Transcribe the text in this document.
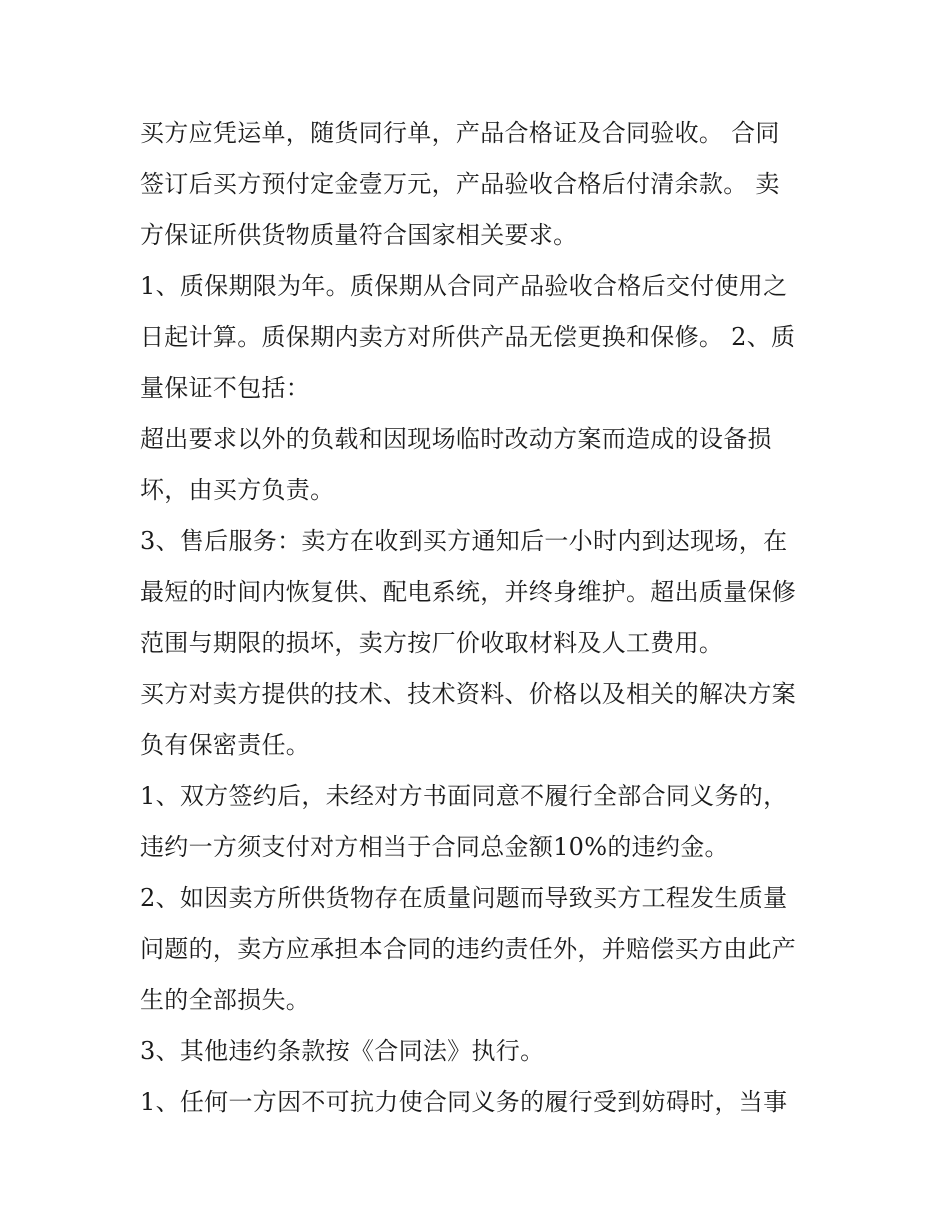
买方应凭运单，随货同行单，产品合格证及合同验收。 合同
签订后买方预付定金壹万元，产品验收合格后付清余款。 卖
方保证所供货物质量符合国家相关要求。
1、质保期限为年。质保期从合同产品验收合格后交付使用之
日起计算。质保期内卖方对所供产品无偿更换和保修。 2、质
量保证不包括：
超出要求以外的负载和因现场临时改动方案而造成的设备损
坏，由买方负责。
3、售后服务：卖方在收到买方通知后一小时内到达现场，在
最短的时间内恢复供、配电系统，并终身维护。超出质量保修
范围与期限的损坏，卖方按厂价收取材料及人工费用。
买方对卖方提供的技术、技术资料、价格以及相关的解决方案
负有保密责任。
1、双方签约后，未经对方书面同意不履行全部合同义务的，
违约一方须支付对方相当于合同总金额10%的违约金。
2、如因卖方所供货物存在质量问题而导致买方工程发生质量
问题的，卖方应承担本合同的违约责任外，并赔偿买方由此产
生的全部损失。
3、其他违约条款按《合同法》执行。
1、任何一方因不可抗力使合同义务的履行受到妨碍时，当事
